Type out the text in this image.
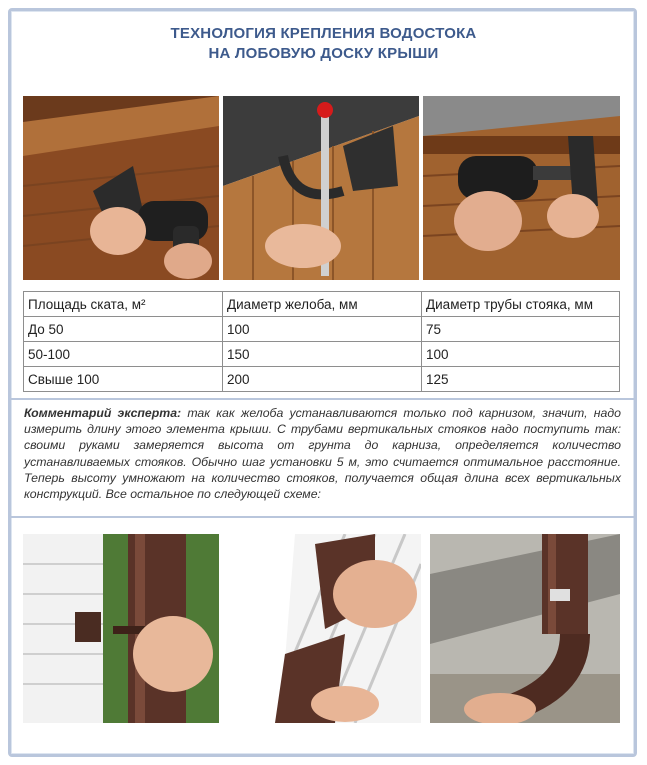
ТЕХНОЛОГИЯ КРЕПЛЕНИЯ ВОДОСТОКА
НА ЛОБОВУЮ ДОСКУ КРЫШИ
Площадь ската, м²	Диаметр желоба, мм	Диаметр трубы стояка, мм
До 50	100	75
50-100	150	100
Свыше 100	200	125
Комментарий эксперта: так как желоба устанавливаются только под карнизом, значит, надо измерить длину этого элемента крыши. С трубами вертикальных стояков надо поступить так: своими руками замеряется высота от грунта до карниза, определяется количество устанавливаемых стояков. Обычно шаг установки 5 м, это считается оптимальное расстояние. Теперь высоту умножают на количество стояков, получается общая длина всех вертикальных конструкций. Все остальное по следующей схеме:
